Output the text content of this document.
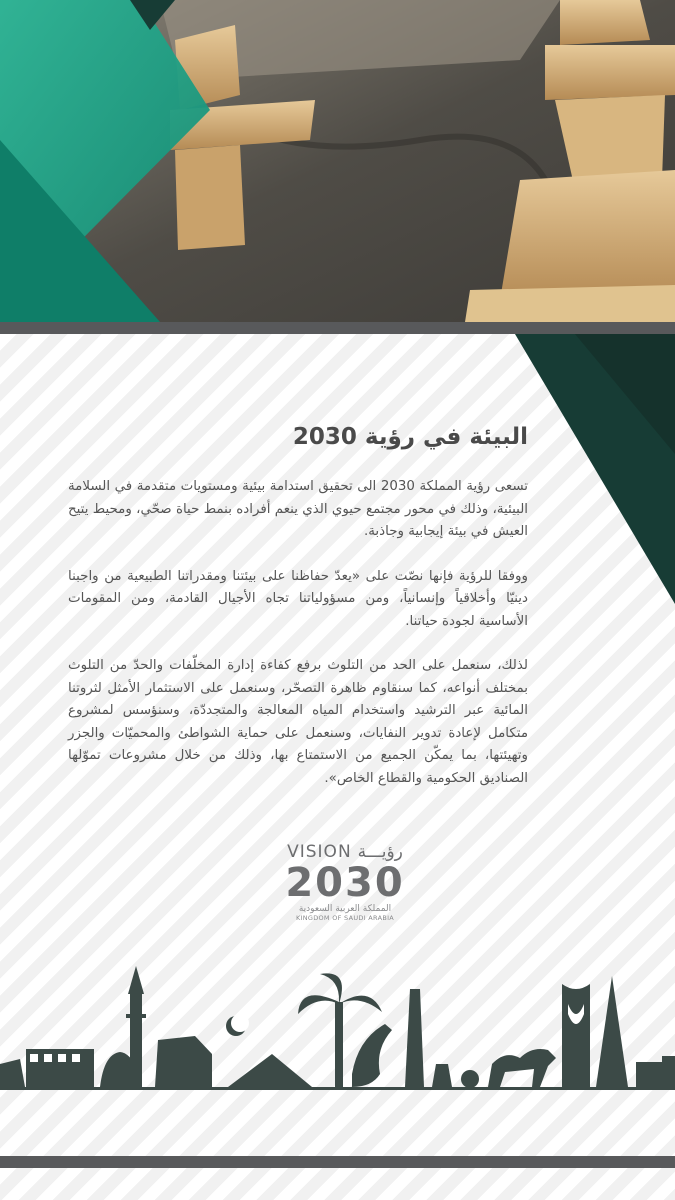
البيئة في رؤية 2030

تسعى رؤية المملكة 2030 الى تحقيق استدامة بيئية ومستويات متقدمة في السلامة البيئية، وذلك في محور مجتمع حيوي الذي ينعم أفراده بنمط حياة صحّي، ومحيط يتيح العيش في بيئة إيجابية وجاذبة.

ووفقا للرؤية فإنها نصّت على «يعدّ حفاظنا على بيئتنا ومقدراتنا الطبيعية من واجبنا دينيّا وأخلاقياً وإنسانياً، ومن مسؤولياتنا تجاه الأجيال القادمة، ومن المقومات الأساسية لجودة حياتنا.

لذلك، سنعمل على الحد من التلوث برفع كفاءة إدارة المخلّفات والحدّ من التلوث بمختلف أنواعه، كما سنقاوم ظاهرة التصحّر، وسنعمل على الاستثمار الأمثل لثروتنا المائية عبر الترشيد واستخدام المياه المعالجة والمتجددّة، وسنؤسس لمشروع متكامل لإعادة تدوير النفايات، وسنعمل على حماية الشواطئ والمحميّات والجزر وتهيئتها، بما يمكّن الجميع من الاستمتاع بها، وذلك من خلال مشروعات تموّلها الصناديق الحكومية والقطاع الخاص».

VISION رؤيـــة
2030
المملكة العربية السعودية
KINGDOM OF SAUDI ARABIA
